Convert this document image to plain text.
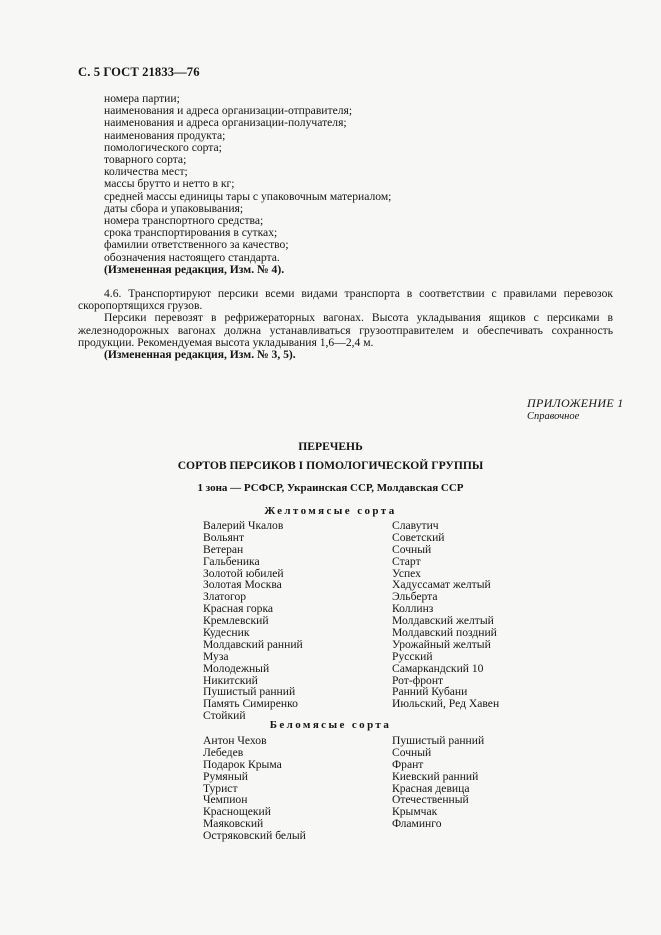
С. 5 ГОСТ 21833—76
номера партии;
наименования и адреса организации-отправителя;
наименования и адреса организации-получателя;
наименования продукта;
помологического сорта;
товарного сорта;
количества мест;
массы брутто и нетто в кг;
средней массы единицы тары с упаковочным материалом;
даты сбора и упаковывания;
номера транспортного средства;
срока транспортирования в сутках;
фамилии ответственного за качество;
обозначения настоящего стандарта.
(Измененная редакция, Изм. № 4).
4.6. Транспортируют персики всеми видами транспорта в соответствии с правилами перевозок скоропортящихся грузов.
Персики перевозят в рефрижераторных вагонах. Высота укладывания ящиков с персиками в железнодорожных вагонах должна устанавливаться грузоотправителем и обеспечивать сохранность продукции. Рекомендуемая высота укладывания 1,6—2,4 м.
(Измененная редакция, Изм. № 3, 5).
ПРИЛОЖЕНИЕ 1
Справочное
ПЕРЕЧЕНЬ
СОРТОВ ПЕРСИКОВ I ПОМОЛОГИЧЕСКОЙ ГРУППЫ
1 зона — РСФСР, Украинская ССР, Молдавская ССР
Желтомясые сорта
Валерий Чкалов
Вольянт
Ветеран
Гальбеника
Золотой юбилей
Золотая Москва
Златогор
Красная горка
Кремлевский
Кудесник
Молдавский ранний
Муза
Молодежный
Никитский
Пушистый ранний
Память Симиренко
Стойкий
Славутич
Советский
Сочный
Старт
Успех
Хадуссамат желтый
Эльберта
Коллинз
Молдавский желтый
Молдавский поздний
Урожайный желтый
Русский
Самаркандский 10
Рот-фронт
Ранний Кубани
Июльский, Ред Хавен
Беломясые сорта
Антон Чехов
Лебедев
Подарок Крыма
Румяный
Турист
Чемпион
Краснощекий
Маяковский
Остряковский белый
Пушистый ранний
Сочный
Франт
Киевский ранний
Красная девица
Отечественный
Крымчак
Фламинго
